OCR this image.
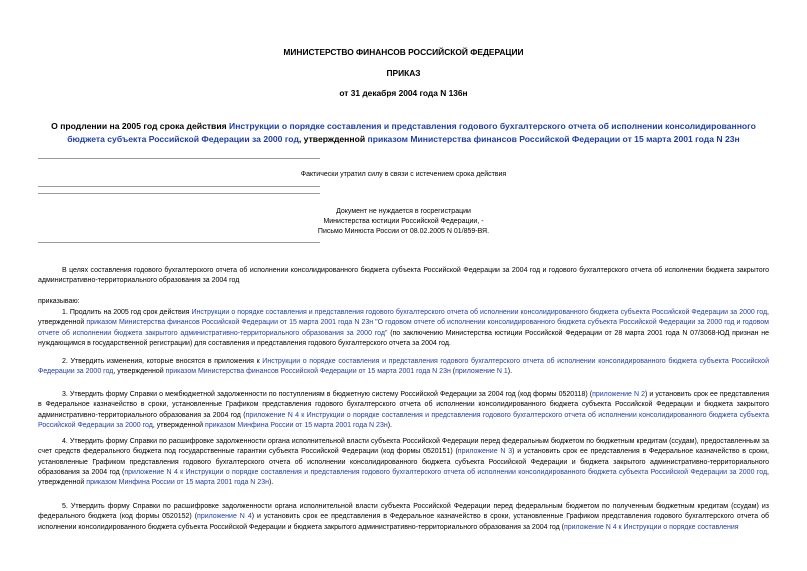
МИНИСТЕРСТВО ФИНАНСОВ РОССИЙСКОЙ ФЕДЕРАЦИИ
ПРИКАЗ
от 31 декабря 2004 года N 136н
О продлении на 2005 год срока действия Инструкции о порядке составления и представления годового бухгалтерского отчета об исполнении консолидированного бюджета субъекта Российской Федерации за 2000 год, утвержденной приказом Министерства финансов Российской Федерации от 15 марта 2001 года N 23н
Фактически утратил силу в связи с истечением срока действия
Документ не нуждается в госрегистрации
Министерства юстиции Российской Федерации, -
Письмо Минюста России от 08.02.2005 N 01/859-ВЯ.
В целях составления годового бухгалтерского отчета об исполнении консолидированного бюджета субъекта Российской Федерации за 2004 год и годового бухгалтерского отчета об исполнении бюджета закрытого административно-территориального образования за 2004 год
приказываю:
1. Продлить на 2005 год срок действия Инструкции о порядке составления и представления годового бухгалтерского отчета об исполнении консолидированного бюджета субъекта Российской Федерации за 2000 год, утвержденной приказом Министерства финансов Российской Федерации от 15 марта 2001 года N 23н "О годовом отчете об исполнении консолидированного бюджета субъекта Российской Федерации за 2000 год и годовом отчете об исполнении бюджета закрытого административно-территориального образования за 2000 год" (по заключению Министерства юстиции Российской Федерации от 28 марта 2001 года N 07/3068-ЮД признан не нуждающимся в государственной регистрации) для составления и представления годового бухгалтерского отчета за 2004 год.
2. Утвердить изменения, которые вносятся в приложения к Инструкции о порядке составления и представления годового бухгалтерского отчета об исполнении консолидированного бюджета субъекта Российской Федерации за 2000 год, утвержденной приказом Министерства финансов Российской Федерации от 15 марта 2001 года N 23н (приложение N 1).
3. Утвердить форму Справки о межбюджетной задолженности по поступлениям в бюджетную систему Российской Федерации за 2004 год (код формы 0520118) (приложение N 2) и установить срок ее представления в Федеральное казначейство в сроки, установленные Графиком представления годового бухгалтерского отчета об исполнении консолидированного бюджета субъекта Российской Федерации и бюджета закрытого административно-территориального образования за 2004 год (приложение N 4 к Инструкции о порядке составления и представления годового бухгалтерского отчета об исполнении консолидированного бюджета субъекта Российской Федерации за 2000 год, утвержденной приказом Минфина России от 15 марта 2001 года N 23н).
4. Утвердить форму Справки по расшифровке задолженности органа исполнительной власти субъекта Российской Федерации перед федеральным бюджетом по бюджетным кредитам (ссудам), предоставленным за счет средств федерального бюджета под государственные гарантии субъекта Российской Федерации (код формы 0520151) (приложение N 3) и установить срок ее представления в Федеральное казначейство в сроки, установленные Графиком представления годового бухгалтерского отчета об исполнении консолидированного бюджета субъекта Российской Федерации и бюджета закрытого административно-территориального образования за 2004 год (приложение N 4 к Инструкции о порядке составления и представления годового бухгалтерского отчета об исполнении консолидированного бюджета субъекта Российской Федерации за 2000 год, утвержденной приказом Минфина России от 15 марта 2001 года N 23н).
5. Утвердить форму Справки по расшифровке задолженности органа исполнительной власти субъекта Российской Федерации перед федеральным бюджетом по полученным бюджетным кредитам (ссудам) из федерального бюджета (код формы 0520152) (приложение N 4) и установить срок ее представления в Федеральное казначейство в сроки, установленные Графиком представления годового бухгалтерского отчета об исполнении консолидированного бюджета субъекта Российской Федерации и бюджета закрытого административно-территориального образования за 2004 год (приложение N 4 к Инструкции о порядке составления
